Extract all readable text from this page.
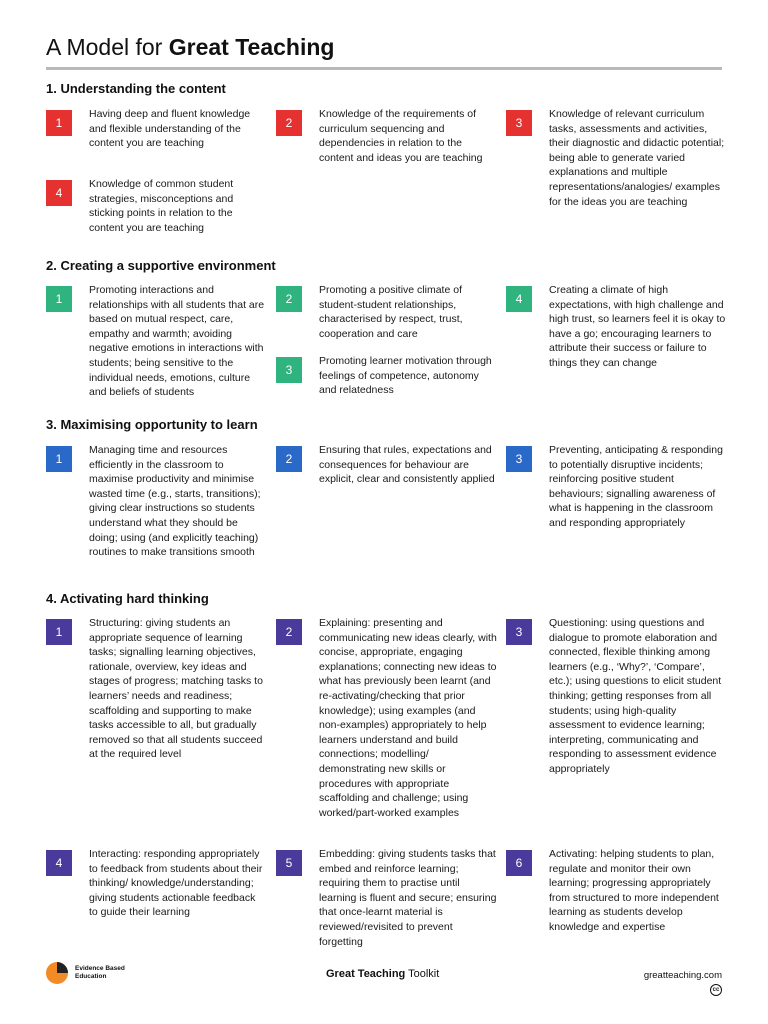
A Model for Great Teaching
1. Understanding the content
1
Having deep and fluent knowledge and flexible understanding of the content you are teaching
2
Knowledge of the requirements of curriculum sequencing and dependencies in relation to the content and ideas you are teaching
3
Knowledge of relevant curriculum tasks, assessments and activities, their diagnostic and didactic potential; being able to generate varied explanations and multiple representations/analogies/ examples for the ideas you are teaching
4
Knowledge of common student strategies, misconceptions and sticking points in relation to the content you are teaching
2. Creating a supportive environment
1
Promoting interactions and relationships with all students that are based on mutual respect, care, empathy and warmth; avoiding negative emotions in interactions with students; being sensitive to the individual needs, emotions, culture and beliefs of students
2
Promoting a positive climate of student-student relationships, characterised by respect, trust, cooperation and care
4
Creating a climate of high expectations, with high challenge and high trust, so learners feel it is okay to have a go; encouraging learners to attribute their success or failure to things they can change
3
Promoting learner motivation through feelings of competence, autonomy and relatedness
3. Maximising opportunity to learn
1
Managing time and resources efficiently in the classroom to maximise productivity and minimise wasted time (e.g., starts, transitions); giving clear instructions so students understand what they should be doing; using (and explicitly teaching) routines to make transitions smooth
2
Ensuring that rules, expectations and consequences for behaviour are explicit, clear and consistently applied
3
Preventing, anticipating & responding to potentially disruptive incidents; reinforcing positive student behaviours; signalling awareness of what is happening in the classroom and responding appropriately
4. Activating hard thinking
1
Structuring: giving students an appropriate sequence of learning tasks; signalling learning objectives, rationale, overview, key ideas and stages of progress; matching tasks to learners’ needs and readiness; scaffolding and supporting to make tasks accessible to all, but gradually removed so that all students succeed at the required level
2
Explaining: presenting and communicating new ideas clearly, with concise, appropriate, engaging explanations; connecting new ideas to what has previously been learnt (and re-activating/checking that prior knowledge); using examples (and non-examples) appropriately to help learners understand and build connections; modelling/ demonstrating new skills or procedures with appropriate scaffolding and challenge; using worked/part-worked examples
3
Questioning: using questions and dialogue to promote elaboration and connected, flexible thinking among learners (e.g., ‘Why?’, ‘Compare’, etc.); using questions to elicit student thinking; getting responses from all students; using high-quality assessment to evidence learning; interpreting, communicating and responding to assessment evidence appropriately
4
Interacting: responding appropriately to feedback from students about their thinking/ knowledge/understanding; giving students actionable feedback to guide their learning
5
Embedding: giving students tasks that embed and reinforce learning; requiring them to practise until learning is fluent and secure; ensuring that once-learnt material is reviewed/revisited to prevent forgetting
6
Activating: helping students to plan, regulate and monitor their own learning; progressing appropriately from structured to more independent learning as students develop knowledge and expertise
Evidence Based Education	Great Teaching Toolkit	greatteaching.com
cc
